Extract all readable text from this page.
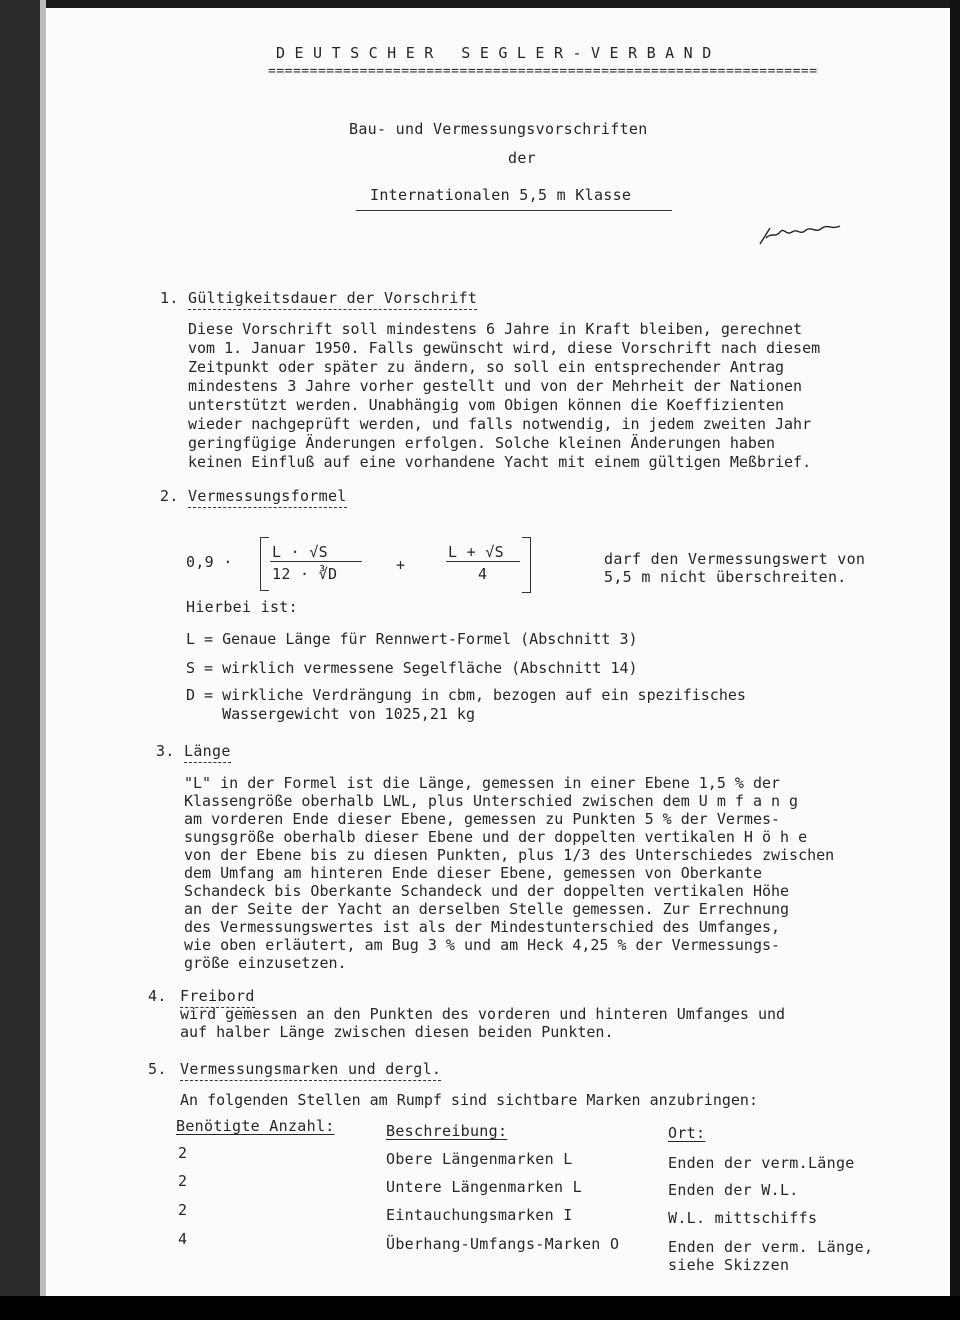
DEUTSCHER SEGLER-VERBAND
==================================================================
Bau- und Vermessungsvorschriften
der
Internationalen 5,5 m Klasse
1. Gültigkeitsdauer der Vorschrift
Diese Vorschrift soll mindestens 6 Jahre in Kraft bleiben, gerechnet
vom 1. Januar 1950. Falls gewünscht wird, diese Vorschrift nach diesem
Zeitpunkt oder später zu ändern, so soll ein entsprechender Antrag
mindestens 3 Jahre vorher gestellt und von der Mehrheit der Nationen
unterstützt werden. Unabhängig vom Obigen können die Koeffizienten
wieder nachgeprüft werden, und falls notwendig, in jedem zweiten Jahr
geringfügige Änderungen erfolgen. Solche kleinen Änderungen haben
keinen Einfluß auf eine vorhandene Yacht mit einem gültigen Meßbrief.
2. Vermessungsformel
0,9 ·
L · √S
12 · ∛D	+
L + √S
4
darf den Vermessungswert von
5,5 m nicht überschreiten.
Hierbei ist:
L = Genaue Länge für Rennwert-Formel (Abschnitt 3)
S = wirklich vermessene Segelfläche (Abschnitt 14)
D = wirkliche Verdrängung in cbm, bezogen auf ein spezifisches
Wassergewicht von 1025,21 kg
3. Länge
"L" in der Formel ist die Länge, gemessen in einer Ebene 1,5 % der
Klassengröße oberhalb LWL, plus Unterschied zwischen dem U m f a n g
am vorderen Ende dieser Ebene, gemessen zu Punkten 5 % der Vermes-
sungsgröße oberhalb dieser Ebene und der doppelten vertikalen H ö h e
von der Ebene bis zu diesen Punkten, plus 1/3 des Unterschiedes zwischen
dem Umfang am hinteren Ende dieser Ebene, gemessen von Oberkante
Schandeck bis Oberkante Schandeck und der doppelten vertikalen Höhe
an der Seite der Yacht an derselben Stelle gemessen. Zur Errechnung
des Vermessungswertes ist als der Mindestunterschied des Umfanges,
wie oben erläutert, am Bug 3 % und am Heck 4,25 % der Vermessungs-
größe einzusetzen.
4. Freibord
wird gemessen an den Punkten des vorderen und hinteren Umfanges und
auf halber Länge zwischen diesen beiden Punkten.
5. Vermessungsmarken und dergl.
An folgenden Stellen am Rumpf sind sichtbare Marken anzubringen:
Benötigte Anzahl:	Beschreibung:	Ort:
2	Obere Längenmarken L	Enden der verm.Länge
2	Untere Längenmarken L	Enden der W.L.
2	Eintauchungsmarken I	W.L. mittschiffs
4	Überhang-Umfangs-Marken O	Enden der verm. Länge,
siehe Skizzen
